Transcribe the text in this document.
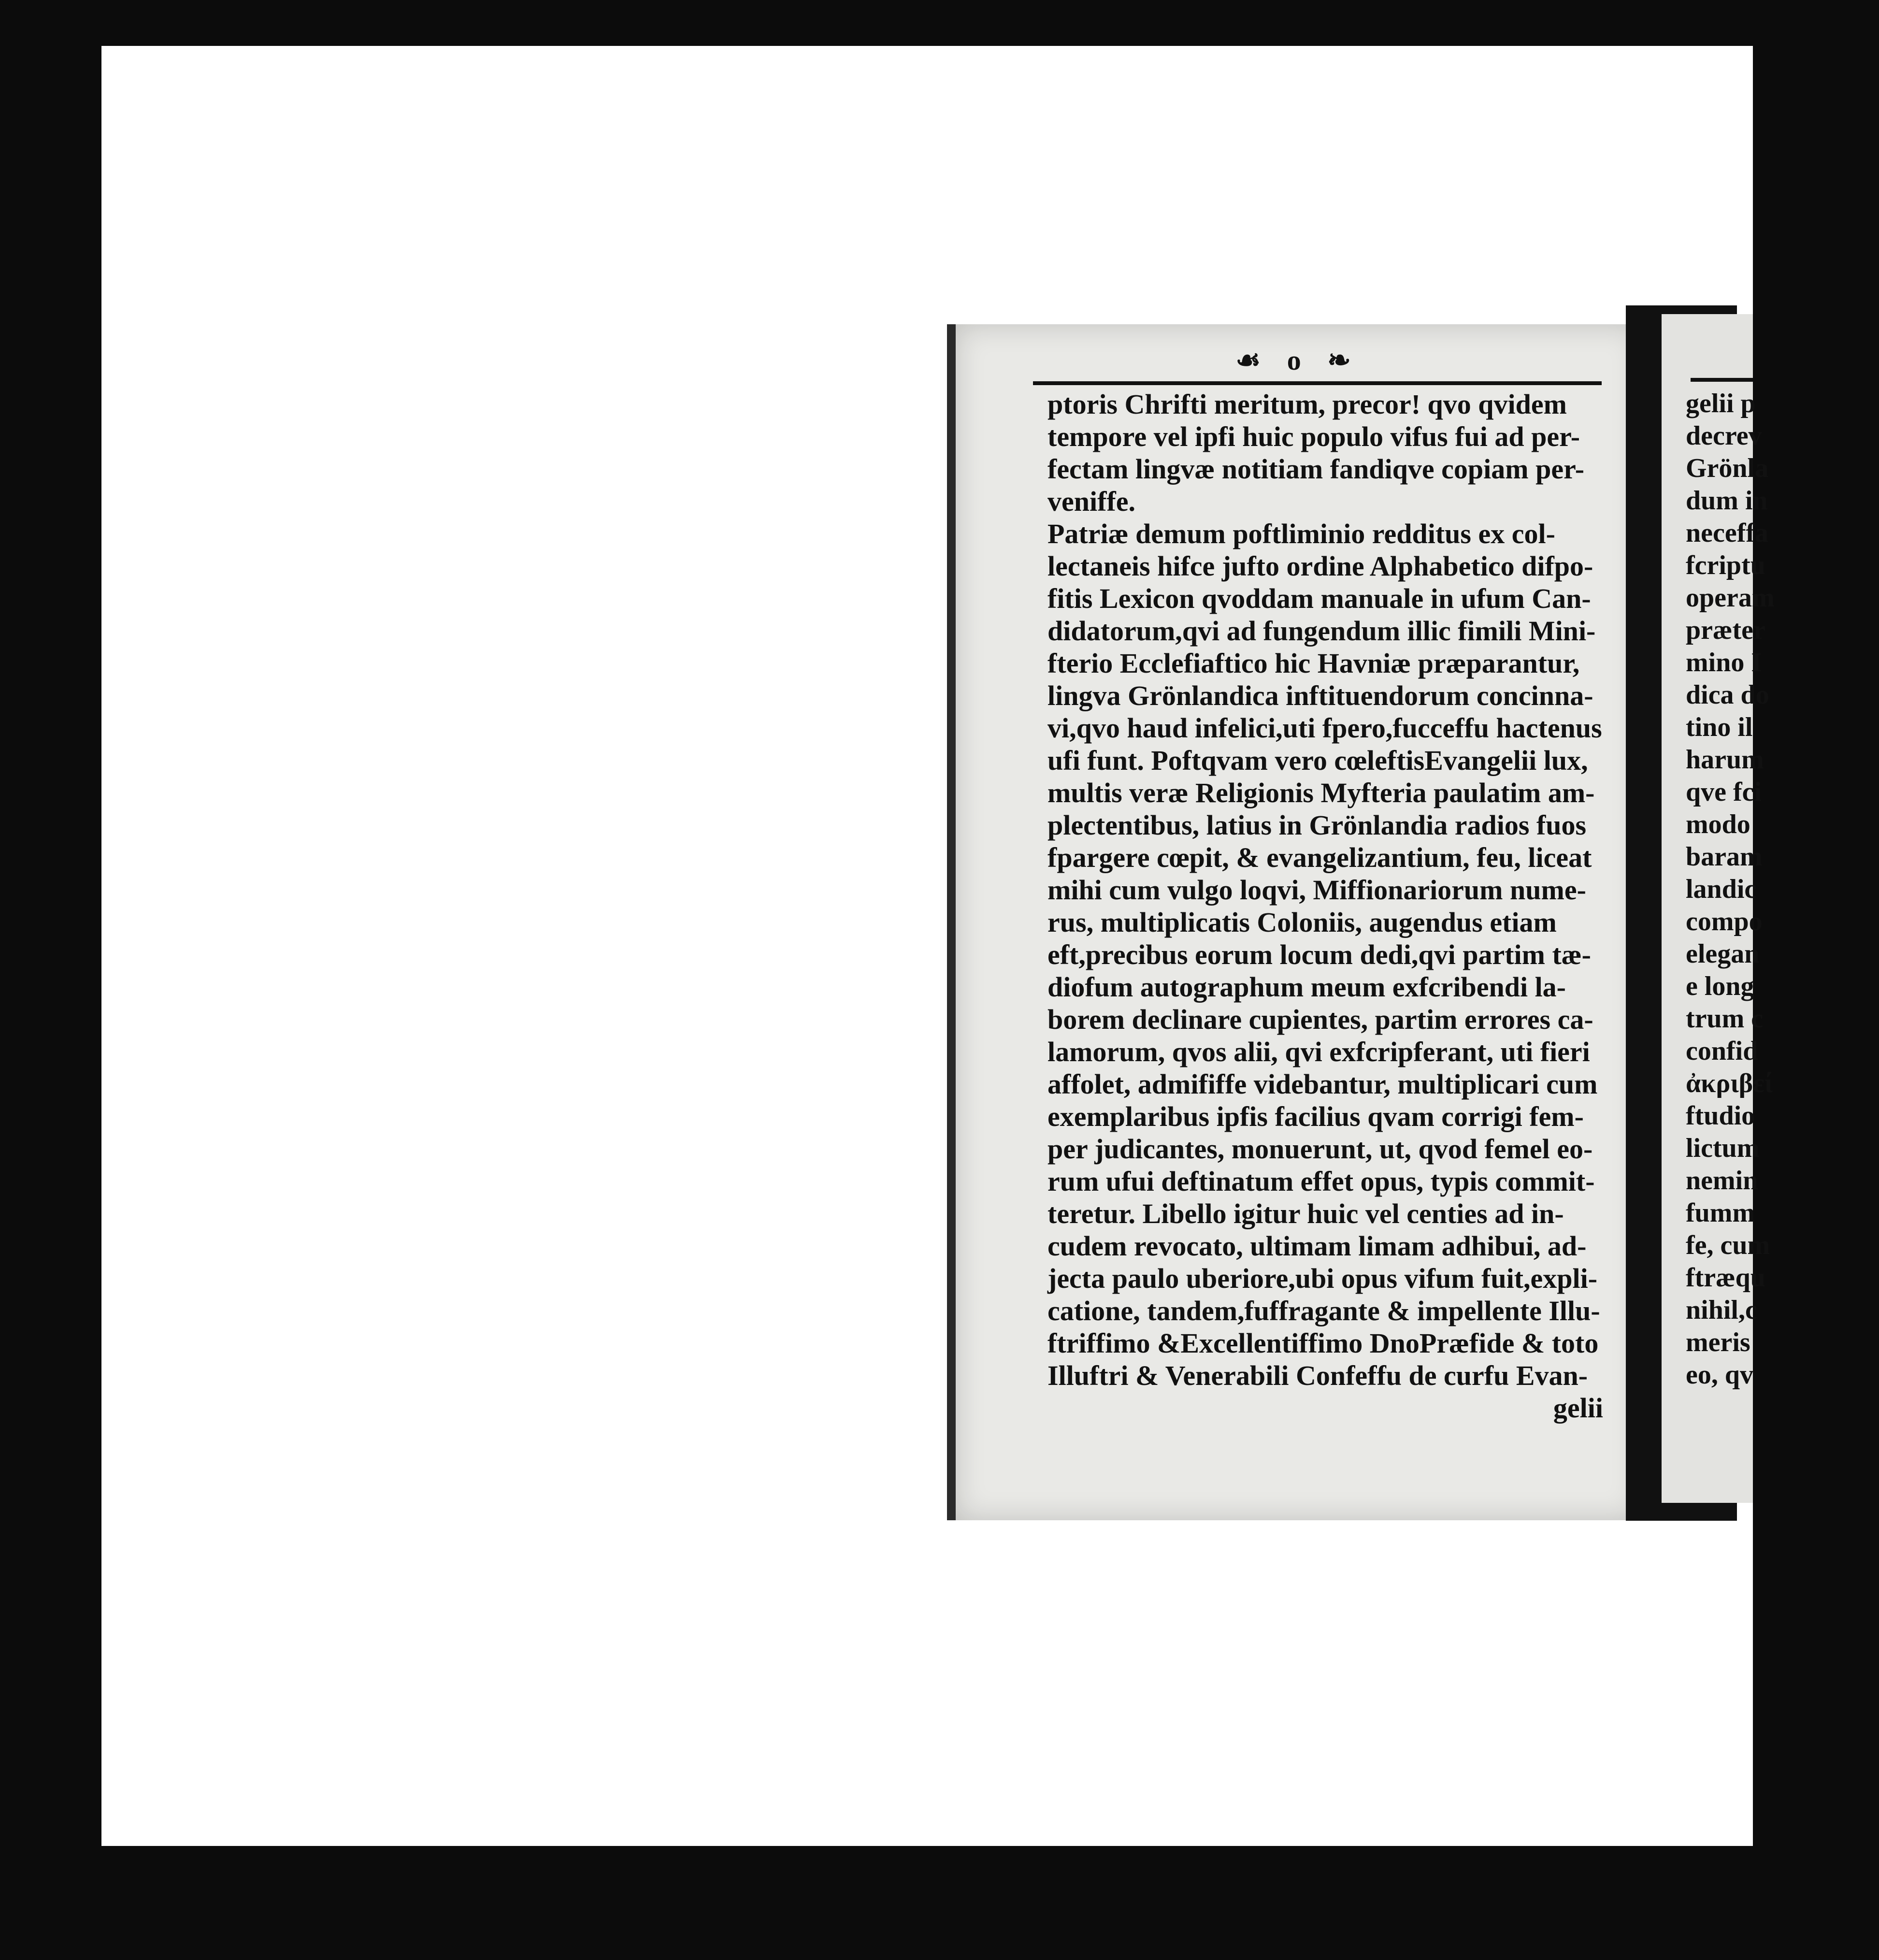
☙ o ❧
ptoris Chrifti meritum, precor! qvo qvidem
tempore vel ipfi huic populo vifus fui ad per-
fectam lingvæ notitiam fandiqve copiam per-
veniffe.
Patriæ demum poftliminio redditus ex col-
lectaneis hifce jufto ordine Alphabetico difpo-
fitis Lexicon qvoddam manuale in ufum Can-
didatorum,qvi ad fungendum illic fimili Mini-
fterio Ecclefiaftico hic Havniæ præparantur,
lingva Grönlandica inftituendorum concinna-
vi,qvo haud infelici,uti fpero,fucceffu hactenus
ufi funt. Poftqvam vero cœleftisEvangelii lux,
multis veræ Religionis Myfteria paulatim am-
plectentibus, latius in Grönlandia radios fuos
fpargere cœpit, & evangelizantium, feu, liceat
mihi cum vulgo loqvi, Miffionariorum nume-
rus, multiplicatis Coloniis, augendus etiam
eft,precibus eorum locum dedi,qvi partim tæ-
diofum autographum meum exfcribendi la-
borem declinare cupientes, partim errores ca-
lamorum, qvos alii, qvi exfcripferant, uti fieri
affolet, admififfe videbantur, multiplicari cum
exemplaribus ipfis facilius qvam corrigi fem-
per judicantes, monuerunt, ut, qvod femel eo-
rum ufui deftinatum effet opus, typis commit-
teretur. Libello igitur huic vel centies ad in-
cudem revocato, ultimam limam adhibui, ad-
jecta paulo uberiore,ubi opus vifum fuit,expli-
catione, tandem,fuffragante & impellente Illu-
ftriffimo &Excellentiffimo DnoPræfide & toto
Illuftri & Venerabili Confeffu de curfu Evan-
gelii
gelii p
decrev
Grönla
dum in
neceffa
fcriptu
operam
præter
mino I
dica do
tino il
harum
qve fci
modo
baram
landic
compo
elegan
e long
trum c
confid
ἀκριβεί
ftudio
lictum
nemin
fumm
fe, cum
ftræqu
nihil,c
meris
eo, qv
